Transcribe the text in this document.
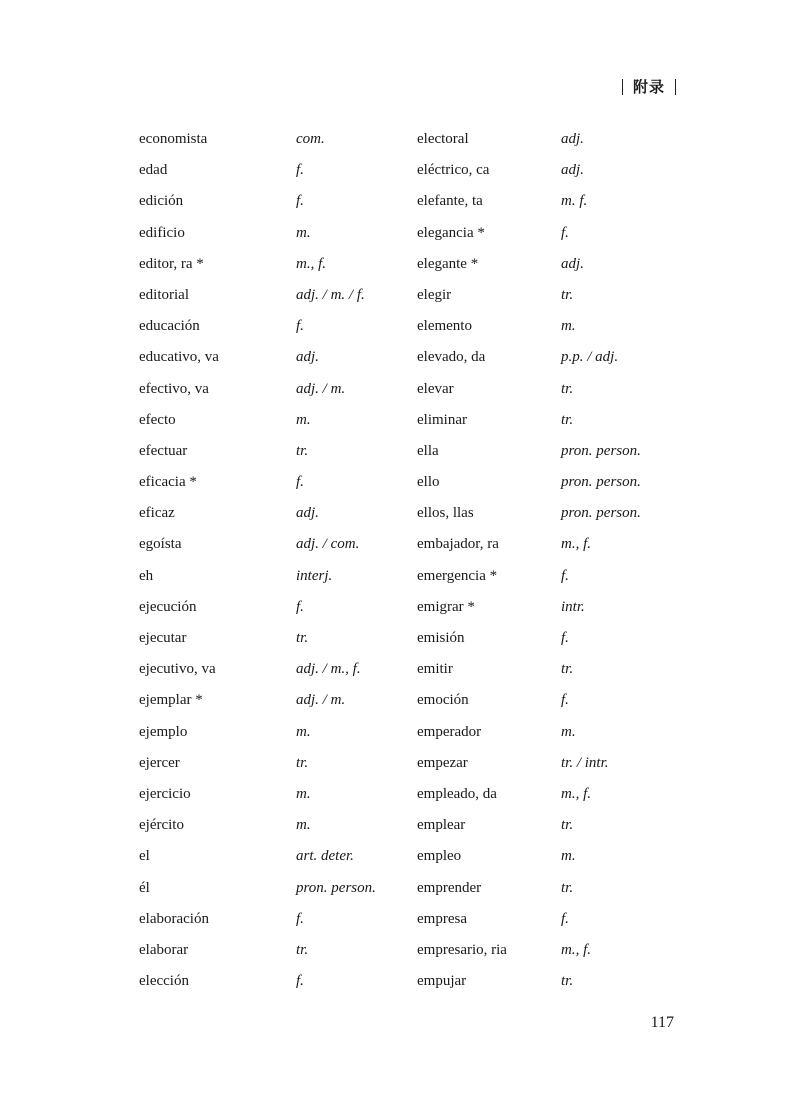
附录
economista	com.	electoral	adj.
edad	f.	eléctrico, ca	adj.
edición	f.	elefante, ta	m. f.
edificio	m.	elegancia *	f.
editor, ra *	m., f.	elegante *	adj.
editorial	adj. / m. / f.	elegir	tr.
educación	f.	elemento	m.
educativo, va	adj.	elevado, da	p.p. / adj.
efectivo, va	adj. / m.	elevar	tr.
efecto	m.	eliminar	tr.
efectuar	tr.	ella	pron. person.
eficacia *	f.	ello	pron. person.
eficaz	adj.	ellos, llas	pron. person.
egoísta	adj. / com.	embajador, ra	m., f.
eh	interj.	emergencia *	f.
ejecución	f.	emigrar *	intr.
ejecutar	tr.	emisión	f.
ejecutivo, va	adj. / m., f.	emitir	tr.
ejemplar *	adj. / m.	emoción	f.
ejemplo	m.	emperador	m.
ejercer	tr.	empezar	tr. / intr.
ejercicio	m.	empleado, da	m., f.
ejército	m.	emplear	tr.
el	art. deter.	empleo	m.
él	pron. person.	emprender	tr.
elaboración	f.	empresa	f.
elaborar	tr.	empresario, ria	m., f.
elección	f.	empujar	tr.
117
